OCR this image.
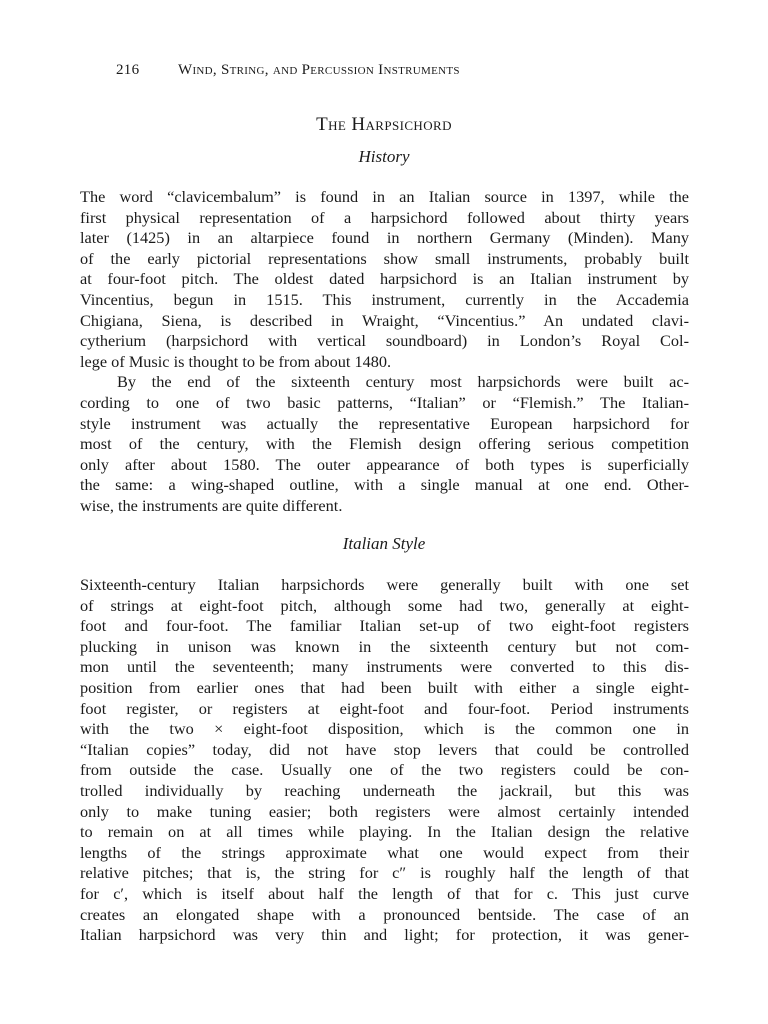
216	Wind, String, and Percussion Instruments
The Harpsichord
History
The word “clavicembalum” is found in an Italian source in 1397, while the
first physical representation of a harpsichord followed about thirty years
later (1425) in an altarpiece found in northern Germany (Minden). Many
of the early pictorial representations show small instruments, probably built
at four-foot pitch. The oldest dated harpsichord is an Italian instrument by
Vincentius, begun in 1515. This instrument, currently in the Accademia
Chigiana, Siena, is described in Wraight, “Vincentius.” An undated clavi-
cytherium (harpsichord with vertical soundboard) in London’s Royal Col-
lege of Music is thought to be from about 1480.
By the end of the sixteenth century most harpsichords were built ac-
cording to one of two basic patterns, “Italian” or “Flemish.” The Italian-
style instrument was actually the representative European harpsichord for
most of the century, with the Flemish design offering serious competition
only after about 1580. The outer appearance of both types is superficially
the same: a wing-shaped outline, with a single manual at one end. Other-
wise, the instruments are quite different.
Italian Style
Sixteenth-century Italian harpsichords were generally built with one set
of strings at eight-foot pitch, although some had two, generally at eight-
foot and four-foot. The familiar Italian set-up of two eight-foot registers
plucking in unison was known in the sixteenth century but not com-
mon until the seventeenth; many instruments were converted to this dis-
position from earlier ones that had been built with either a single eight-
foot register, or registers at eight-foot and four-foot. Period instruments
with the two × eight-foot disposition, which is the common one in
“Italian copies” today, did not have stop levers that could be controlled
from outside the case. Usually one of the two registers could be con-
trolled individually by reaching underneath the jackrail, but this was
only to make tuning easier; both registers were almost certainly intended
to remain on at all times while playing. In the Italian design the relative
lengths of the strings approximate what one would expect from their
relative pitches; that is, the string for c″ is roughly half the length of that
for c′, which is itself about half the length of that for c. This just curve
creates an elongated shape with a pronounced bentside. The case of an
Italian harpsichord was very thin and light; for protection, it was gener-
